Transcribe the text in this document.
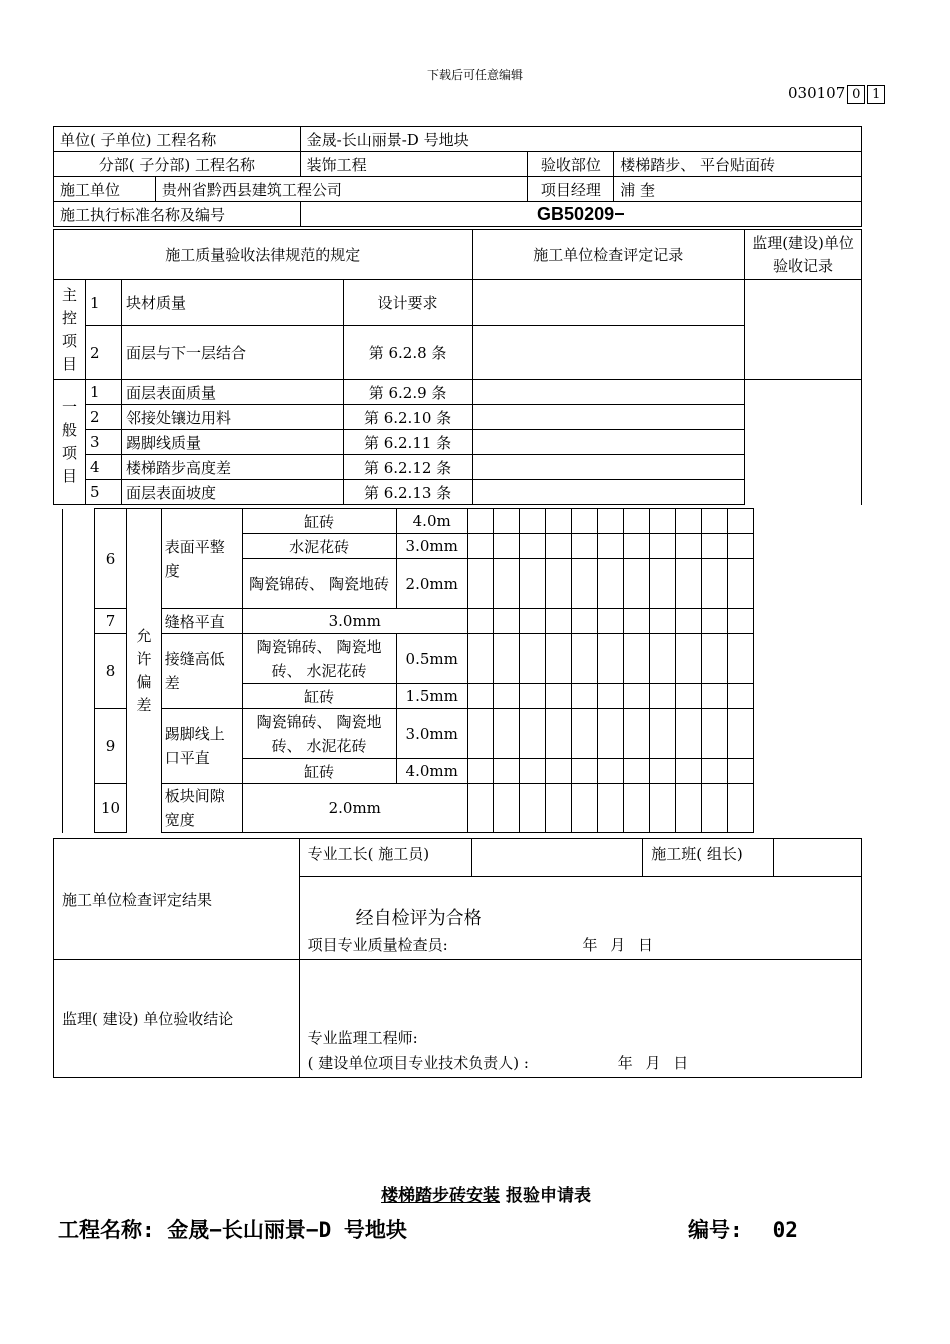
下载后可任意编辑
030107 0 1
单位( 子单位) 工程名称		金晟-长山丽景-D 号地块		
分部( 子分部) 工程名称		装饰工程	验收部位	楼梯踏步、 平台贴面砖
施工单位	贵州省黔西县建筑工程公司		项目经理	浦 奎
施工执行标准名称及编号		GB50209−		
施工质量验收法律规范的规定				施工单位检查评定记录	监理(建设)单位验收记录
主控项目	1	块材质量	设计要求		
	2	面层与下一层结合	第 6.2.8 条		
一般项目	1	面层表面质量	第 6.2.9 条		
	2	邻接处镶边用料	第 6.2.10 条		
	3	踢脚线质量	第 6.2.11 条		
	4	楼梯踏步高度差	第 6.2.12 条		
	5	面层表面坡度	第 6.2.13 条		
	6	允许偏差	表面平整度	缸砖	4.0m											
				水泥花砖	3.0mm											
				陶瓷锦砖、 陶瓷地砖	2.0mm											
	7		缝格平直	3.0mm												
	8		接缝高低差	陶瓷锦砖、 陶瓷地砖、 水泥花砖	0.5mm											
				缸砖	1.5mm											
	9		踢脚线上口平直	陶瓷锦砖、 陶瓷地砖、 水泥花砖	3.0mm											
				缸砖	4.0mm											
	10		板块间隙宽度	2.0mm												
施工单位检查评定结果	专业工长( 施工员)		施工班( 组长)	

	经自检评为合格
项目专业质量检查员: 年 月 日			

监理( 建设) 单位验收结论	专业监理工程师:
( 建设单位项目专业技术负责人) : 年 月 日			
楼梯踏步砖安装 报验申请表
工程名称: 金晟−长山丽景−D 号地块	编号: 02
